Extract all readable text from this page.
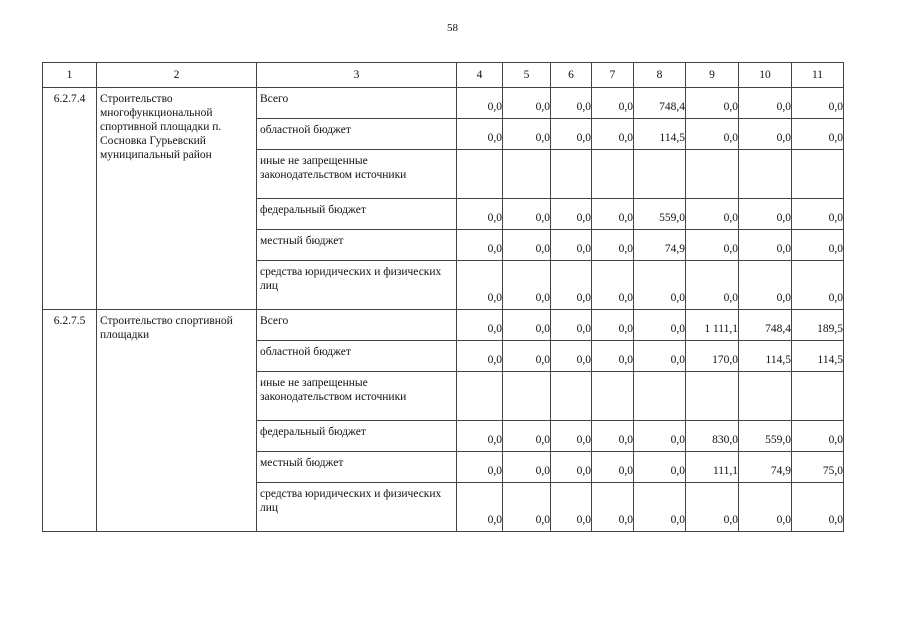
58
1	2	3	4	5	6	7	8	9	10	11
6.2.7.4	Строительство многофункциональной спортивной площадки п. Сосновка Гурьевский муниципальный район	Всего	0,0	0,0	0,0	0,0	748,4	0,0	0,0	0,0
		областной бюджет	0,0	0,0	0,0	0,0	114,5	0,0	0,0	0,0
		иные не запрещенные законодательством источники								
		федеральный бюджет	0,0	0,0	0,0	0,0	559,0	0,0	0,0	0,0
		местный бюджет	0,0	0,0	0,0	0,0	74,9	0,0	0,0	0,0
		средства юридических и физических лиц	0,0	0,0	0,0	0,0	0,0	0,0	0,0	0,0
6.2.7.5	Строительство спортивной площадки	Всего	0,0	0,0	0,0	0,0	0,0	1 111,1	748,4	189,5
		областной бюджет	0,0	0,0	0,0	0,0	0,0	170,0	114,5	114,5
		иные не запрещенные законодательством источники								
		федеральный бюджет	0,0	0,0	0,0	0,0	0,0	830,0	559,0	0,0
		местный бюджет	0,0	0,0	0,0	0,0	0,0	111,1	74,9	75,0
		средства юридических и физических лиц	0,0	0,0	0,0	0,0	0,0	0,0	0,0	0,0
